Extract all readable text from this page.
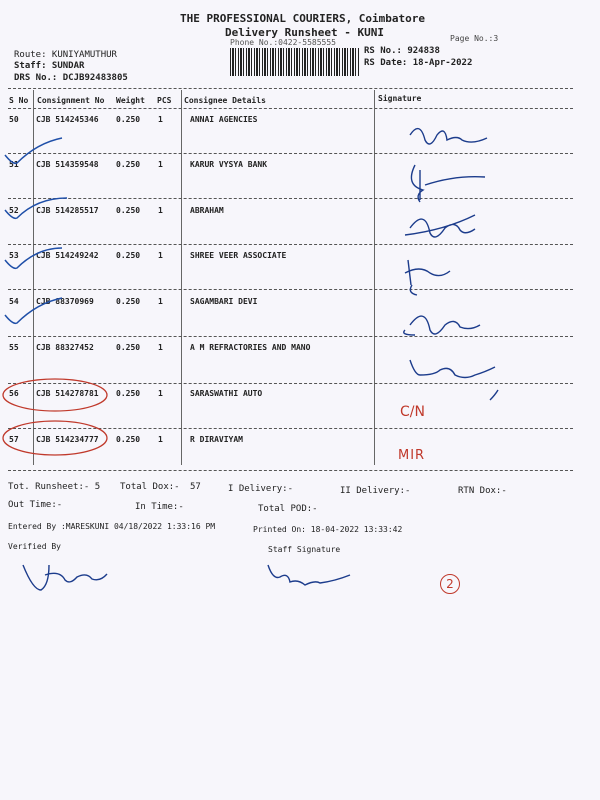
THE PROFESSIONAL COURIERS, Coimbatore
Delivery Runsheet - KUNI
Phone No.:0422-5585555	Page No.:3
Route: KUNIYAMUTHUR
Staff: SUNDAR
DRS No.: DCJB92483805
RS No.: 924838
RS Date: 18-Apr-2022
S No Consignment No Weight PCS Consignee Details	Signature
50 CJB 514245346 0.250 1	ANNAI AGENCIES
51 CJB 514359548 0.250 1	KARUR VYSYA BANK
52 CJB 514285517 0.250 1	ABRAHAM
53 CJB 514249242 0.250 1	SHREE VEER ASSOCIATE
54 CJB 88370969	0.250 1	SAGAMBARI DEVI
55 CJB 88327452	0.250 1	A M REFRACTORIES AND MANO
56 CJB 514278781 0.250 1	SARASWATHI AUTO
57 CJB 514234777 0.250 1	R DIRAVIYAM
C/N
MIR
Tot. Runsheet:- 5 Total Dox:- 57	I Delivery:-	II Delivery:-	RTN Dox:-
Out Time:-	In Time:-	Total POD:-
Entered By :MARESKUNI 04/18/2022 1:33:16 PM	Printed On: 18-04-2022 13:33:42
Verified By	Staff Signature
2
